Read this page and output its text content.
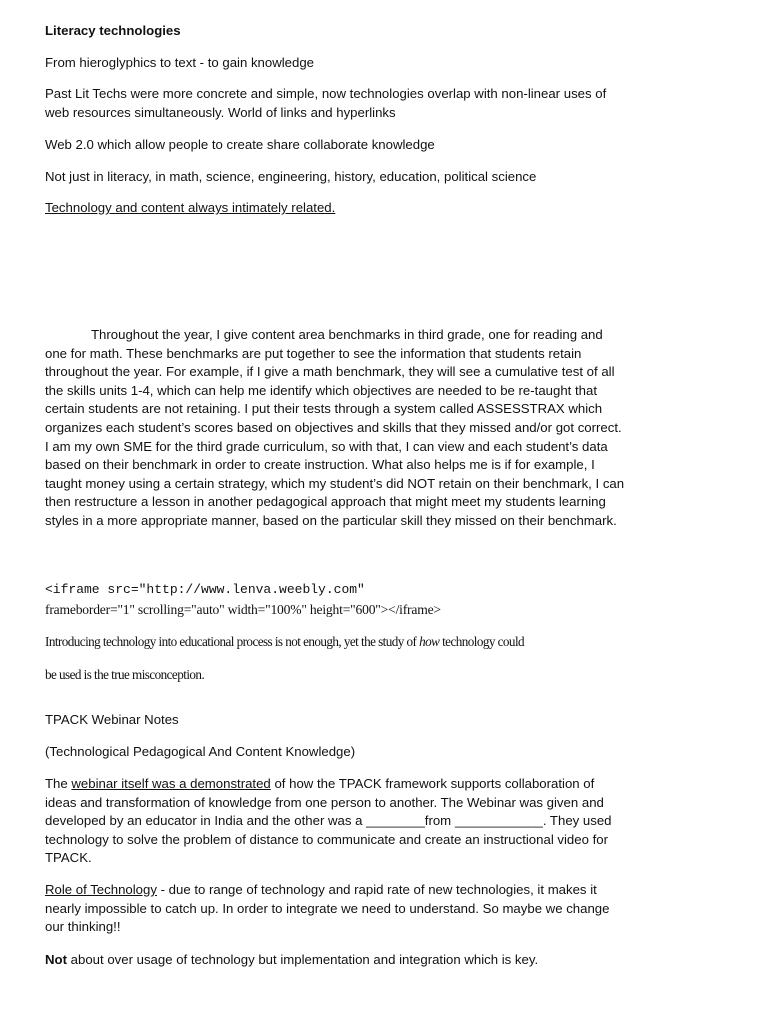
Literacy technologies

From hieroglyphics to text - to gain knowledge

Past Lit Techs were more concrete and simple, now technologies overlap with non-linear uses of web resources simultaneously. World of links and hyperlinks

Web 2.0 which allow people to create share collaborate knowledge

Not just in literacy, in math, science, engineering, history, education, political science

Technology and content always intimately related.

Throughout the year, I give content area benchmarks in third grade, one for reading and one for math. These benchmarks are put together to see the information that students retain throughout the year. For example, if I give a math benchmark, they will see a cumulative test of all the skills units 1-4, which can help me identify which objectives are needed to be re-taught that certain students are not retaining. I put their tests through a system called ASSESSTRAX which organizes each student’s scores based on objectives and skills that they missed and/or got correct. I am my own SME for the third grade curriculum, so with that, I can view and each student’s data based on their benchmark in order to create instruction. What also helps me is if for example, I taught money using a certain strategy, which my student’s did NOT retain on their benchmark, I can then restructure a lesson in another pedagogical approach that might meet my students learning styles in a more appropriate manner, based on the particular skill they missed on their benchmark.

<iframe src="http://www.lenva.weebly.com"
frameborder="1" scrolling="auto" width="100%" height="600"></iframe>
Introducing technology into educational process is not enough, yet the study of how technology could
be used is the true misconception.

TPACK Webinar Notes

(Technological Pedagogical And Content Knowledge)

The webinar itself was a demonstrated of how the TPACK framework supports collaboration of ideas and transformation of knowledge from one person to another. The Webinar was given and developed by an educator in India and the other was a ________from ____________. They used technology to solve the problem of distance to communicate and create an instructional video for TPACK.

Role of Technology - due to range of technology and rapid rate of new technologies, it makes it nearly impossible to catch up. In order to integrate we need to understand. So maybe we change our thinking!!

Not about over usage of technology but implementation and integration which is key.
